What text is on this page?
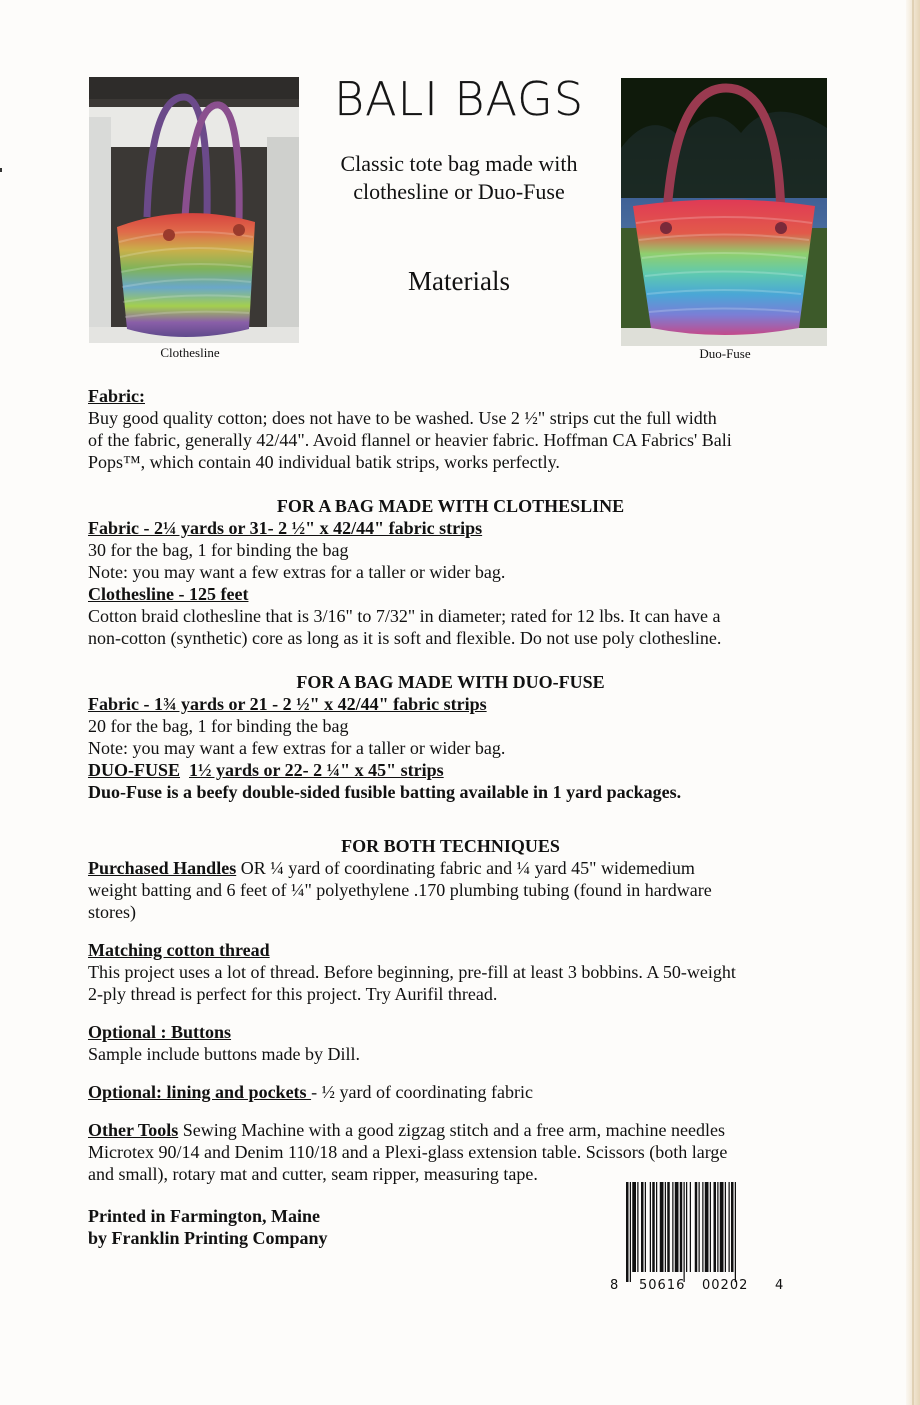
Clothesline
BALI BAGS
Classic tote bag made with
clothesline or Duo-Fuse
Materials
Duo-Fuse

Fabric:

Buy good quality cotton; does not have to be washed. Use 2 ½" strips cut the full width

of the fabric, generally 42/44". Avoid flannel or heavier fabric. Hoffman CA Fabrics' Bali

Pops™, which contain 40 individual batik strips, works perfectly.

FOR A BAG MADE WITH CLOTHESLINE

Fabric - 2¼ yards or 31- 2 ½" x 42/44" fabric strips

30 for the bag, 1 for binding the bag

Note: you may want a few extras for a taller or wider bag.

Clothesline - 125 feet

Cotton braid clothesline that is 3/16" to 7/32" in diameter; rated for 12 lbs. It can have a

non-cotton (synthetic) core as long as it is soft and flexible. Do not use poly clothesline.

FOR A BAG MADE WITH DUO-FUSE

Fabric - 1¾ yards or 21 - 2 ½" x 42/44" fabric strips

20 for the bag, 1 for binding the bag

Note: you may want a few extras for a taller or wider bag.

DUO-FUSE 1½ yards or 22- 2 ¼" x 45" strips

Duo-Fuse is a beefy double-sided fusible batting available in 1 yard packages.

FOR BOTH TECHNIQUES

Purchased Handles OR ¼ yard of coordinating fabric and ¼ yard 45" widemedium

weight batting and 6 feet of ¼" polyethylene .170 plumbing tubing (found in hardware

stores)

Matching cotton thread

This project uses a lot of thread. Before beginning, pre-fill at least 3 bobbins. A 50-weight

2-ply thread is perfect for this project. Try Aurifil thread.

Optional : Buttons

Sample include buttons made by Dill.

Optional: lining and pockets - ½ yard of coordinating fabric

Other Tools Sewing Machine with a good zigzag stitch and a free arm, machine needles

Microtex 90/14 and Denim 110/18 and a Plexi-glass extension table. Scissors (both large

and small), rotary mat and cutter, seam ripper, measuring tape.

Printed in Farmington, Maine

by Franklin Printing Company

8 50616 00202 4
